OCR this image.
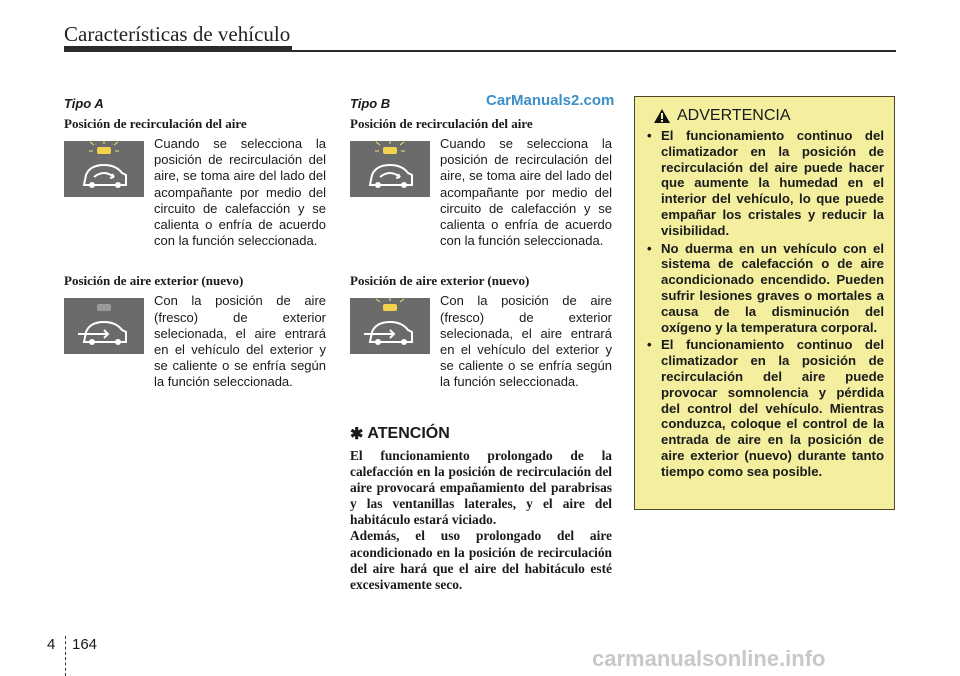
Características de vehículo
CarManuals2.com
Tipo A
Posición de recirculación del aire
Cuando se selecciona la posición de recirculación del aire, se toma aire del lado del acompañante por medio del circuito de calefacción y se calienta o enfría de acuerdo con la función seleccionada.
Posición de aire exterior (nuevo)
Con la posición de aire (fresco) de exterior selecionada, el aire entrará en el vehículo del exterior y se caliente o se enfría según la función seleccionada.
Tipo B
Posición de recirculación del aire
Cuando se selecciona la posición de recirculación del aire, se toma aire del lado del acompañante por medio del circuito de calefacción y se calienta o enfría de acuerdo con la función seleccionada.
Posición de aire exterior (nuevo)
Con la posición de aire (fresco) de exterior selecionada, el aire entrará en el vehículo del exterior y se caliente o se enfría según la función seleccionada.
✱ ATENCIÓN

El funcionamiento prolongado de la calefacción en la posición de recirculación del aire provocará empañamiento del parabrisas y las ventanillas laterales, y el aire del habitáculo estará viciado.

Además, el uso prolongado del aire acondicionado en la posición de recirculación del aire hará que el aire del habitáculo esté excesivamente seco.

ADVERTENCIA
• El funcionamiento continuo del climatizador en la posición de recirculación del aire puede hacer que aumente la humedad en el interior del vehículo, lo que puede empañar los cristales y reducir la visibilidad.
• No duerma en un vehículo con el sistema de calefacción o de aire acondicionado encendido. Pueden sufrir lesiones graves o mortales a causa de la disminución del oxígeno y la temperatura corporal.
• El funcionamiento continuo del climatizador en la posición de recirculación del aire puede provocar somnolencia y pérdida del control del vehículo. Mientras conduzca, coloque el control de la entrada de aire en la posición de aire exterior (nuevo) durante tanto tiempo como sea posible.
4 164
carmanualsonline.info
